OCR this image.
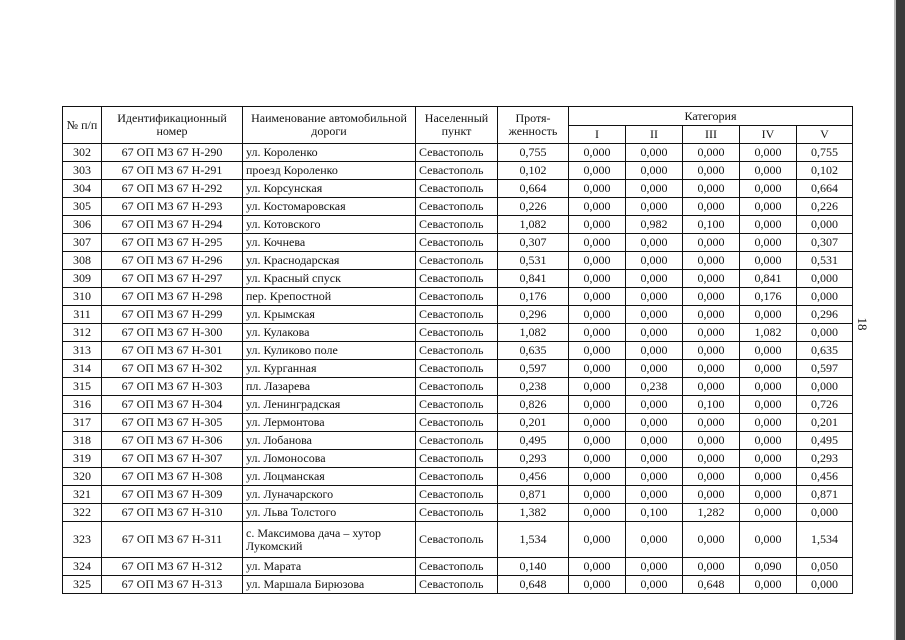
18
№ п/п	Идентификационный номер	Наименование автомобильной дороги	Населенный пункт	Протя-женность	Категория				
					I	II	III	IV	V
302	67 ОП МЗ 67 Н-290	ул. Короленко	Севастополь	0,755	0,000	0,000	0,000	0,000	0,755
303	67 ОП МЗ 67 Н-291	проезд Короленко	Севастополь	0,102	0,000	0,000	0,000	0,000	0,102
304	67 ОП МЗ 67 Н-292	ул. Корсунская	Севастополь	0,664	0,000	0,000	0,000	0,000	0,664
305	67 ОП МЗ 67 Н-293	ул. Костомаровская	Севастополь	0,226	0,000	0,000	0,000	0,000	0,226
306	67 ОП МЗ 67 Н-294	ул. Котовского	Севастополь	1,082	0,000	0,982	0,100	0,000	0,000
307	67 ОП МЗ 67 Н-295	ул. Кочнева	Севастополь	0,307	0,000	0,000	0,000	0,000	0,307
308	67 ОП МЗ 67 Н-296	ул. Краснодарская	Севастополь	0,531	0,000	0,000	0,000	0,000	0,531
309	67 ОП МЗ 67 Н-297	ул. Красный спуск	Севастополь	0,841	0,000	0,000	0,000	0,841	0,000
310	67 ОП МЗ 67 Н-298	пер. Крепостной	Севастополь	0,176	0,000	0,000	0,000	0,176	0,000
311	67 ОП МЗ 67 Н-299	ул. Крымская	Севастополь	0,296	0,000	0,000	0,000	0,000	0,296
312	67 ОП МЗ 67 Н-300	ул. Кулакова	Севастополь	1,082	0,000	0,000	0,000	1,082	0,000
313	67 ОП МЗ 67 Н-301	ул. Куликово поле	Севастополь	0,635	0,000	0,000	0,000	0,000	0,635
314	67 ОП МЗ 67 Н-302	ул. Курганная	Севастополь	0,597	0,000	0,000	0,000	0,000	0,597
315	67 ОП МЗ 67 Н-303	пл. Лазарева	Севастополь	0,238	0,000	0,238	0,000	0,000	0,000
316	67 ОП МЗ 67 Н-304	ул. Ленинградская	Севастополь	0,826	0,000	0,000	0,100	0,000	0,726
317	67 ОП МЗ 67 Н-305	ул. Лермонтова	Севастополь	0,201	0,000	0,000	0,000	0,000	0,201
318	67 ОП МЗ 67 Н-306	ул. Лобанова	Севастополь	0,495	0,000	0,000	0,000	0,000	0,495
319	67 ОП МЗ 67 Н-307	ул. Ломоносова	Севастополь	0,293	0,000	0,000	0,000	0,000	0,293
320	67 ОП МЗ 67 Н-308	ул. Лоцманская	Севастополь	0,456	0,000	0,000	0,000	0,000	0,456
321	67 ОП МЗ 67 Н-309	ул. Луначарского	Севастополь	0,871	0,000	0,000	0,000	0,000	0,871
322	67 ОП МЗ 67 Н-310	ул. Льва Толстого	Севастополь	1,382	0,000	0,100	1,282	0,000	0,000
323	67 ОП МЗ 67 Н-311	с. Максимова дача – хутор Лукомский	Севастополь	1,534	0,000	0,000	0,000	0,000	1,534
324	67 ОП МЗ 67 Н-312	ул. Марата	Севастополь	0,140	0,000	0,000	0,000	0,090	0,050
325	67 ОП МЗ 67 Н-313	ул. Маршала Бирюзова	Севастополь	0,648	0,000	0,000	0,648	0,000	0,000
